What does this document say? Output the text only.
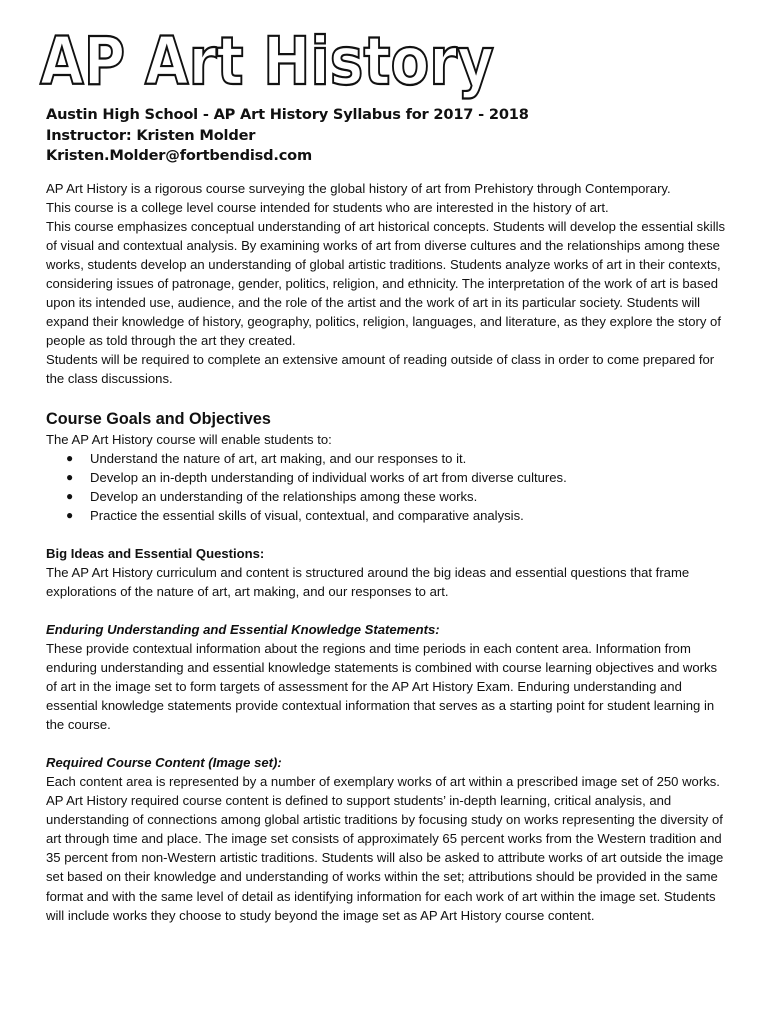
AP Art History
Austin High School - AP Art History Syllabus for 2017 - 2018
Instructor: Kristen Molder
Kristen.Molder@fortbendisd.com

AP Art History is a rigorous course surveying the global history of art from Prehistory through Contemporary.

This course is a college level course intended for students who are interested in the history of art.

This course emphasizes conceptual understanding of art historical concepts. Students will develop the essential skills of visual and contextual analysis. By examining works of art from diverse cultures and the relationships among these works, students develop an understanding of global artistic traditions. Students analyze works of art in their contexts, considering issues of patronage, gender, politics, religion, and ethnicity. The interpretation of the work of art is based upon its intended use, audience, and the role of the artist and the work of art in its particular society. Students will expand their knowledge of history, geography, politics, religion, languages, and literature, as they explore the story of people as told through the art they created.

Students will be required to complete an extensive amount of reading outside of class in order to come prepared for the class discussions.

Course Goals and Objectives

The AP Art History course will enable students to:

● Understand the nature of art, art making, and our responses to it.
● Develop an in-depth understanding of individual works of art from diverse cultures.
● Develop an understanding of the relationships among these works.
● Practice the essential skills of visual, contextual, and comparative analysis.

Big Ideas and Essential Questions:

The AP Art History curriculum and content is structured around the big ideas and essential questions that frame explorations of the nature of art, art making, and our responses to art.

Enduring Understanding and Essential Knowledge Statements:

These provide contextual information about the regions and time periods in each content area. Information from enduring understanding and essential knowledge statements is combined with course learning objectives and works of art in the image set to form targets of assessment for the AP Art History Exam. Enduring understanding and essential knowledge statements provide contextual information that serves as a starting point for student learning in the course.

Required Course Content (Image set):

Each content area is represented by a number of exemplary works of art within a prescribed image set of 250 works. AP Art History required course content is defined to support students’ in-depth learning, critical analysis, and understanding of connections among global artistic traditions by focusing study on works representing the diversity of art through time and place. The image set consists of approximately 65 percent works from the Western tradition and 35 percent from non-Western artistic traditions. Students will also be asked to attribute works of art outside the image set based on their knowledge and understanding of works within the set; attributions should be provided in the same format and with the same level of detail as identifying information for each work of art within the image set. Students will include works they choose to study beyond the image set as AP Art History course content.
